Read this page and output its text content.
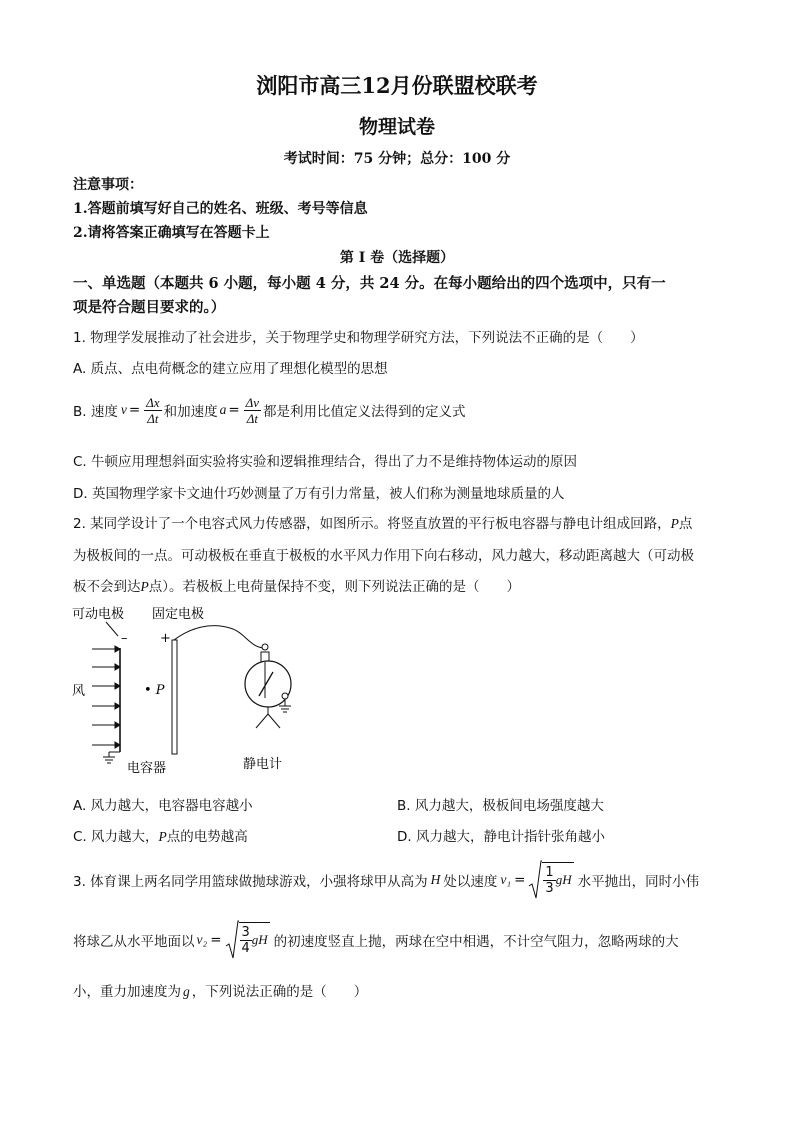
浏阳市高三12月份联盟校联考
物理试卷
考试时间：75 分钟；总分：100 分
注意事项：
1.答题前填写好自己的姓名、班级、考号等信息
2.请将答案正确填写在答题卡上
第 I 卷（选择题）
一、单选题（本题共 6 小题，每小题 4 分，共 24 分。在每小题给出的四个选项中，只有一
项是符合题目要求的。）
1. 物理学发展推动了社会进步，关于物理学史和物理学研究方法，下列说法不正确的是（　　）
A. 质点、点电荷概念的建立应用了理想化模型的思想
B. 速度 $v = \frac{\Delta x}{\Delta t}$ 和加速度 $a = \frac{\Delta v}{\Delta t}$ 都是利用比值定义法得到的定义式
C. 牛顿应用理想斜面实验将实验和逻辑推理结合，得出了力不是维持物体运动的原因
D. 英国物理学家卡文迪什巧妙测量了万有引力常量，被人们称为测量地球质量的人
2. 某同学设计了一个电容式风力传感器，如图所示。将竖直放置的平行板电容器与静电计组成回路，P点
为极板间的一点。可动极板在垂直于极板的水平风力作用下向右移动，风力越大，移动距离越大（可动极
板不会到达P点）。若极板上电荷量保持不变，则下列说法正确的是（　　）
可动电极 固定电极
–	+
风	• P
电容器	静电计
A. 风力越大，电容器电容越小	B. 风力越大，极板间电场强度越大
C. 风力越大，P点的电势越高	D. 风力越大，静电计指针张角越小
3. 体育课上两名同学用篮球做抛球游戏，小强将球甲从高为 H 处以速度 $v_1 = \frac{1}{3}$ gH 水平抛出，同时小伟
将球乙从水平地面以 $v_2 = \frac{3}{4}$ gH 的初速度竖直上抛，两球在空中相遇，不计空气阻力，忽略两球的大
小，重力加速度为 g ，下列说法正确的是（　　）
